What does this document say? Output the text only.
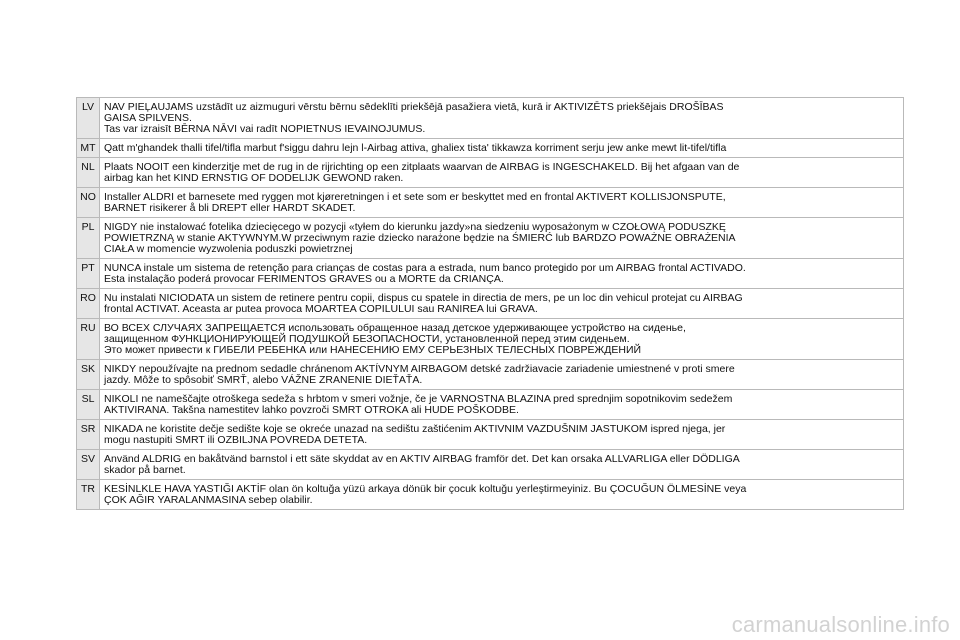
LV	NAV PIEĻAUJAMS uzstādīt uz aizmuguri vērstu bērnu sēdeklīti priekšējā pasažiera vietā, kurā ir AKTIVIZĒTS priekšējais DROŠĪBAS
GAISA SPILVENS.
Tas var izraisīt BĒRNA NĀVI vai radīt NOPIETNUS IEVAINOJUMUS.
MT	Qatt m'ghandek thalli tifel/tifla marbut f'siggu dahru lejn l-Airbag attiva, ghaliex tista' tikkawza korriment serju jew anke mewt lit-tifel/tifla
NL	Plaats NOOIT een kinderzitje met de rug in de rijrichting op een zitplaats waarvan de AIRBAG is INGESCHAKELD. Bij het afgaan van de
airbag kan het KIND ERNSTIG OF DODELIJK GEWOND raken.
NO	Installer ALDRI et barnesete med ryggen mot kjøreretningen i et sete som er beskyttet med en frontal AKTIVERT KOLLISJONSPUTE,
BARNET risikerer å bli DREPT eller HARDT SKADET.
PL	NIGDY nie instalować fotelika dziecięcego w pozycji «tyłem do kierunku jazdy»na siedzeniu wyposażonym w CZOŁOWĄ PODUSZKĘ
POWIETRZNĄ w stanie AKTYWNYM.W przeciwnym razie dziecko narażone będzie na ŚMIERĆ lub BARDZO POWAŻNE OBRAŻENIA
CIAŁA w momencie wyzwolenia poduszki powietrznej
PT	NUNCA instale um sistema de retenção para crianças de costas para a estrada, num banco protegido por um AIRBAG frontal ACTIVADO.
Esta instalação poderá provocar FERIMENTOS GRAVES ou a MORTE da CRIANÇA.
RO	Nu instalati NICIODATA un sistem de retinere pentru copii, dispus cu spatele in directia de mers, pe un loc din vehicul protejat cu AIRBAG
frontal ACTIVAT. Aceasta ar putea provoca MOARTEA COPILULUI sau RANIREA lui GRAVA.
RU	ВО ВСЕХ СЛУЧАЯХ ЗАПРЕЩАЕТСЯ использовать обращенное назад детское удерживающее устройство на сиденье,
защищенном ФУНКЦИОНИРУЮЩЕЙ ПОДУШКОЙ БЕЗОПАСНОСТИ, установленной перед этим сиденьем.
Это может привести к ГИБЕЛИ РЕБЕНКА или НАНЕСЕНИЮ ЕМУ СЕРЬЕЗНЫХ ТЕЛЕСНЫХ ПОВРЕЖДЕНИЙ
SK	NIKDY nepoužívajte na prednom sedadle chránenom AKTÍVNYM AIRBAGOM detské zadržiavacie zariadenie umiestnené v proti smere
jazdy. Môže to spôsobiť SMRŤ, alebo VÁŽNE ZRANENIE DIEŤAŤA.
SL	NIKOLI ne nameščajte otroškega sedeža s hrbtom v smeri vožnje, če je VARNOSTNA BLAZINA pred sprednjim sopotnikovim sedežem
AKTIVIRANA. Takšna namestitev lahko povzroči SMRT OTROKA ali HUDE POŠKODBE.
SR	NIKADA ne koristite dečje sedište koje se okreće unazad na sedištu zaštićenim AKTIVNIM VAZDUŠNIM JASTUKOM ispred njega, jer
mogu nastupiti SMRT ili OZBILJNA POVREDA DETETA.
SV	Använd ALDRIG en bakåtvänd barnstol i ett säte skyddat av en AKTIV AIRBAG framför det. Det kan orsaka ALLVARLIGA eller DÖDLIGA
skador på barnet.
TR	KESİNLKLE HAVA YASTIĞI AKTİF olan ön koltuğa yüzü arkaya dönük bir çocuk koltuğu yerleştirmeyiniz. Bu ÇOCUĞUN ÖLMESİNE veya
ÇOK AĞIR YARALANMASINA sebep olabilir.
carmanualsonline.info
